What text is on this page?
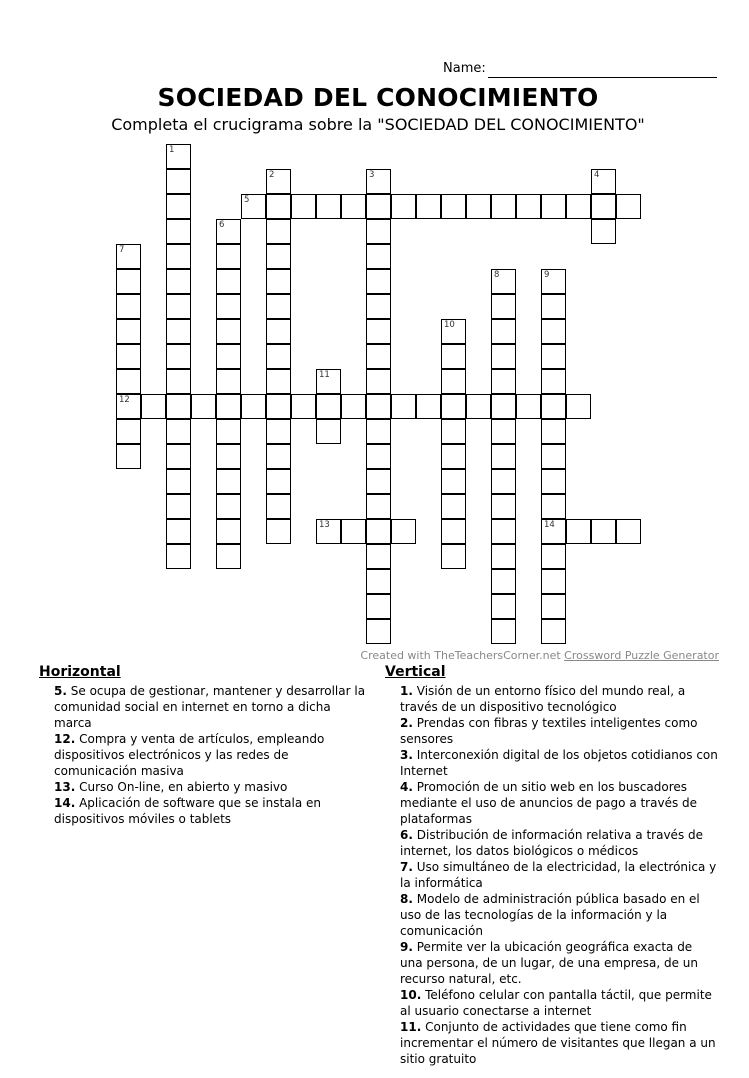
Name:
SOCIEDAD DEL CONOCIMIENTO
Completa el crucigrama sobre la "SOCIEDAD DEL CONOCIMIENTO"
1
2	3	4
5
6
7
12
8	9
14
10
11
13
Created with TheTeachersCorner.net Crossword Puzzle Generator
Horizontal	Vertical

5. Se ocupa de gestionar, mantener y desarrollar la comunidad social en internet en torno a dicha marca

12. Compra y venta de artículos, empleando dispositivos electrónicos y las redes de comunicación masiva

13. Curso On-line, en abierto y masivo

14. Aplicación de software que se instala en dispositivos móviles o tablets

1. Visión de un entorno físico del mundo real, a través de un dispositivo tecnológico

2. Prendas con fibras y textiles inteligentes como sensores

3. Interconexión digital de los objetos cotidianos con Internet

4. Promoción de un sitio web en los buscadores mediante el uso de anuncios de pago a través de plataformas

6. Distribución de información relativa a través de internet, los datos biológicos o médicos

7. Uso simultáneo de la electricidad, la electrónica y la informática

8. Modelo de administración pública basado en el uso de las tecnologías de la información y la comunicación

9. Permite ver la ubicación geográfica exacta de una persona, de un lugar, de una empresa, de un recurso natural, etc.

10. Teléfono celular con pantalla táctil, que permite al usuario conectarse a internet

11. Conjunto de actividades que tiene como fin incrementar el número de visitantes que llegan a un sitio gratuito
